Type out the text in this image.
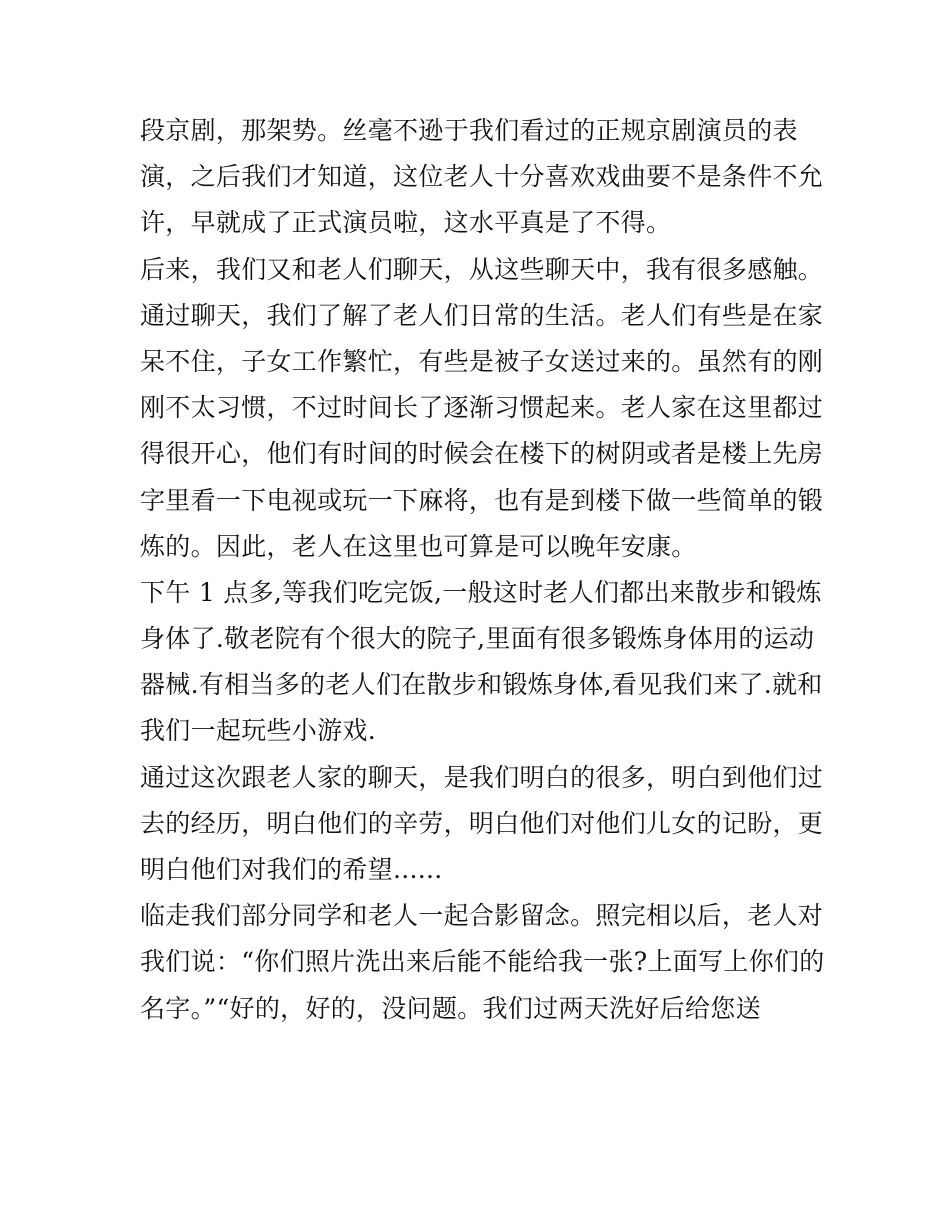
段京剧，那架势。丝毫不逊于我们看过的正规京剧演员的表
演，之后我们才知道，这位老人十分喜欢戏曲要不是条件不允
许，早就成了正式演员啦，这水平真是了不得。
后来，我们又和老人们聊天，从这些聊天中，我有很多感触。
通过聊天，我们了解了老人们日常的生活。老人们有些是在家
呆不住，子女工作繁忙，有些是被子女送过来的。虽然有的刚
刚不太习惯，不过时间长了逐渐习惯起来。老人家在这里都过
得很开心，他们有时间的时候会在楼下的树阴或者是楼上先房
字里看一下电视或玩一下麻将，也有是到楼下做一些简单的锻
炼的。因此，老人在这里也可算是可以晚年安康。
下午 1 点多,等我们吃完饭,一般这时老人们都出来散步和锻炼
身体了.敬老院有个很大的院子,里面有很多锻炼身体用的运动
器械.有相当多的老人们在散步和锻炼身体,看见我们来了.就和
我们一起玩些小游戏.
通过这次跟老人家的聊天，是我们明白的很多，明白到他们过
去的经历，明白他们的辛劳，明白他们对他们儿女的记盼，更
明白他们对我们的希望......
临走我们部分同学和老人一起合影留念。照完相以后，老人对
我们说：“你们照片洗出来后能不能给我一张?上面写上你们的
名字。”“好的，好的，没问题。我们过两天洗好后给您送
